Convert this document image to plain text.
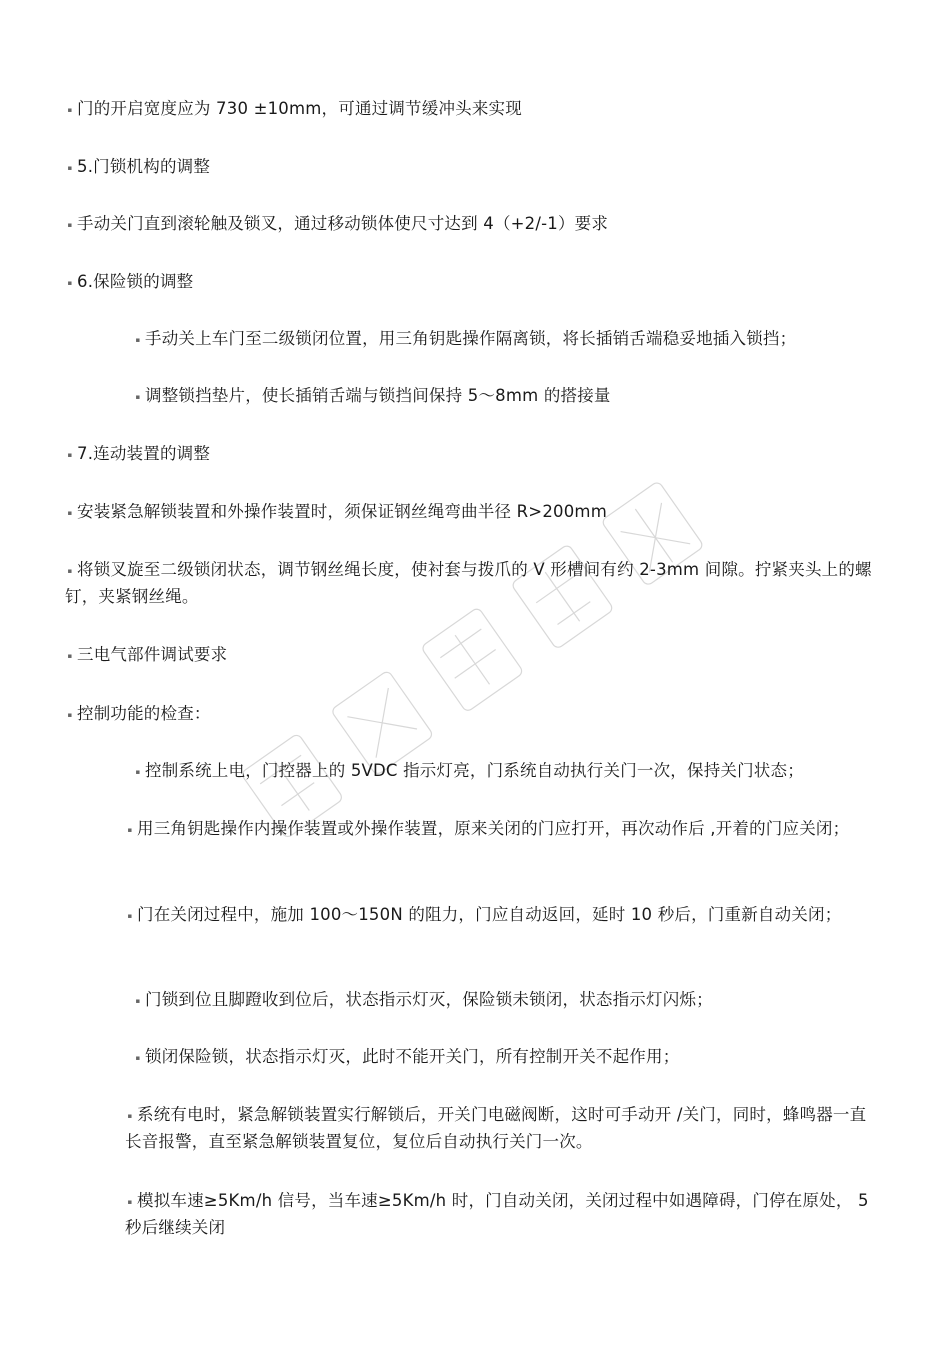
▪ 门的开启宽度应为 730 ±10mm，可通过调节缓冲头来实现
▪ 5.门锁机构的调整
▪ 手动关门直到滚轮触及锁叉，通过移动锁体使尺寸达到 4（+2/-1）要求
▪ 6.保险锁的调整
▪ 手动关上车门至二级锁闭位置，用三角钥匙操作隔离锁，将长插销舌端稳妥地插入锁挡；
▪ 调整锁挡垫片，使长插销舌端与锁挡间保持 5～8mm 的搭接量
▪ 7.连动装置的调整
▪ 安装紧急解锁装置和外操作装置时，须保证钢丝绳弯曲半径 R>200mm
▪ 将锁叉旋至二级锁闭状态，调节钢丝绳长度，使衬套与拨爪的 V 形槽间有约 2-3mm 间隙。拧紧夹头上的螺钉，夹紧钢丝绳。
▪ 三电气部件调试要求
▪ 控制功能的检查：
▪ 控制系统上电，门控器上的 5VDC 指示灯亮，门系统自动执行关门一次，保持关门状态；
▪ 用三角钥匙操作内操作装置或外操作装置，原来关闭的门应打开，再次动作后 ,开着的门应关闭；
▪ 门在关闭过程中，施加 100～150N 的阻力，门应自动返回，延时 10 秒后，门重新自动关闭；
▪ 门锁到位且脚蹬收到位后，状态指示灯灭，保险锁未锁闭，状态指示灯闪烁；
▪ 锁闭保险锁，状态指示灯灭，此时不能开关门，所有控制开关不起作用；
▪ 系统有电时，紧急解锁装置实行解锁后，开关门电磁阀断，这时可手动开 /关门，同时，蜂鸣器一直长音报警，直至紧急解锁装置复位，复位后自动执行关门一次。
▪ 模拟车速≥5Km/h 信号，当车速≥5Km/h 时，门自动关闭，关闭过程中如遇障碍，门停在原处， 5 秒后继续关闭
